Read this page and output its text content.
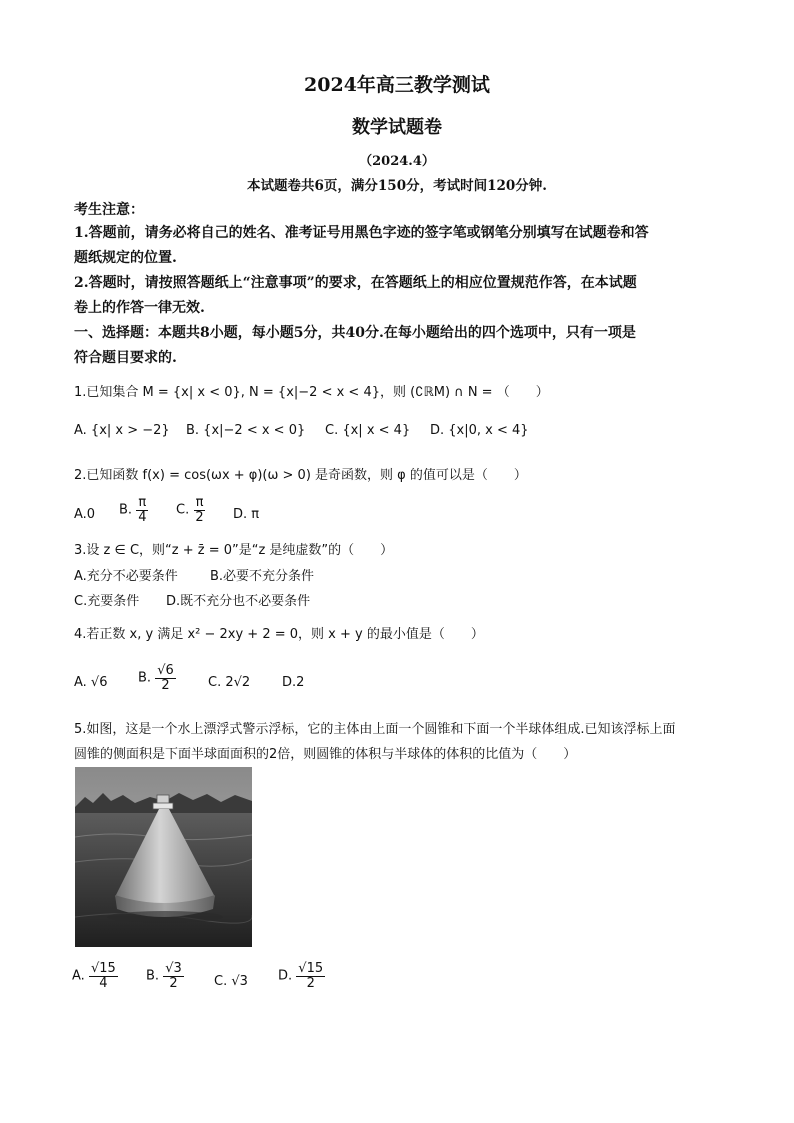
2024年高三教学测试
数学试题卷
（2024.4）
本试题卷共6页，满分150分，考试时间120分钟.
考生注意：
1.答题前，请务必将自己的姓名、准考证号用黑色字迹的签字笔或钢笔分别填写在试题卷和答
题纸规定的位置.
2.答题时，请按照答题纸上“注意事项”的要求，在答题纸上的相应位置规范作答，在本试题
卷上的作答一律无效.
一、选择题：本题共8小题，每小题5分，共40分.在每小题给出的四个选项中，只有一项是
符合题目要求的.
1.已知集合 M = {x| x < 0}, N = {x|−2 < x < 4}，则 (∁ℝM) ∩ N = （　　）
A. {x| x > −2} B. {x|−2 < x < 0} C. {x| x < 4} D. {x|0, x < 4}
2.已知函数 f(x) = cos(ωx + φ)(ω > 0) 是奇函数，则 φ 的值可以是（　　）
A.0 B. $\frac{\pi}{4} C$. $\frac{\pi}{2} D$. π
3.设 z ∈ C，则“z + z̄ = 0”是“z 是纯虚数”的（　　）
A.充分不必要条件 B.必要不充分条件
C.充要条件 D.既不充分也不必要条件
4.若正数 x, y 满足 x² − 2xy + 2 = 0，则 x + y 的最小值是（　　）
A. √6 B. $\frac{√6}{2} C$. 2√2 D.2
5.如图，这是一个水上漂浮式警示浮标，它的主体由上面一个圆锥和下面一个半球体组成.已知该浮标上面
圆锥的侧面积是下面半球面面积的2倍，则圆锥的体积与半球体的体积的比值为（　　）
A. $\frac{√15}{4} B$. $\frac{√3}{2} C$. √3 D. $\frac{√15}{2}$
